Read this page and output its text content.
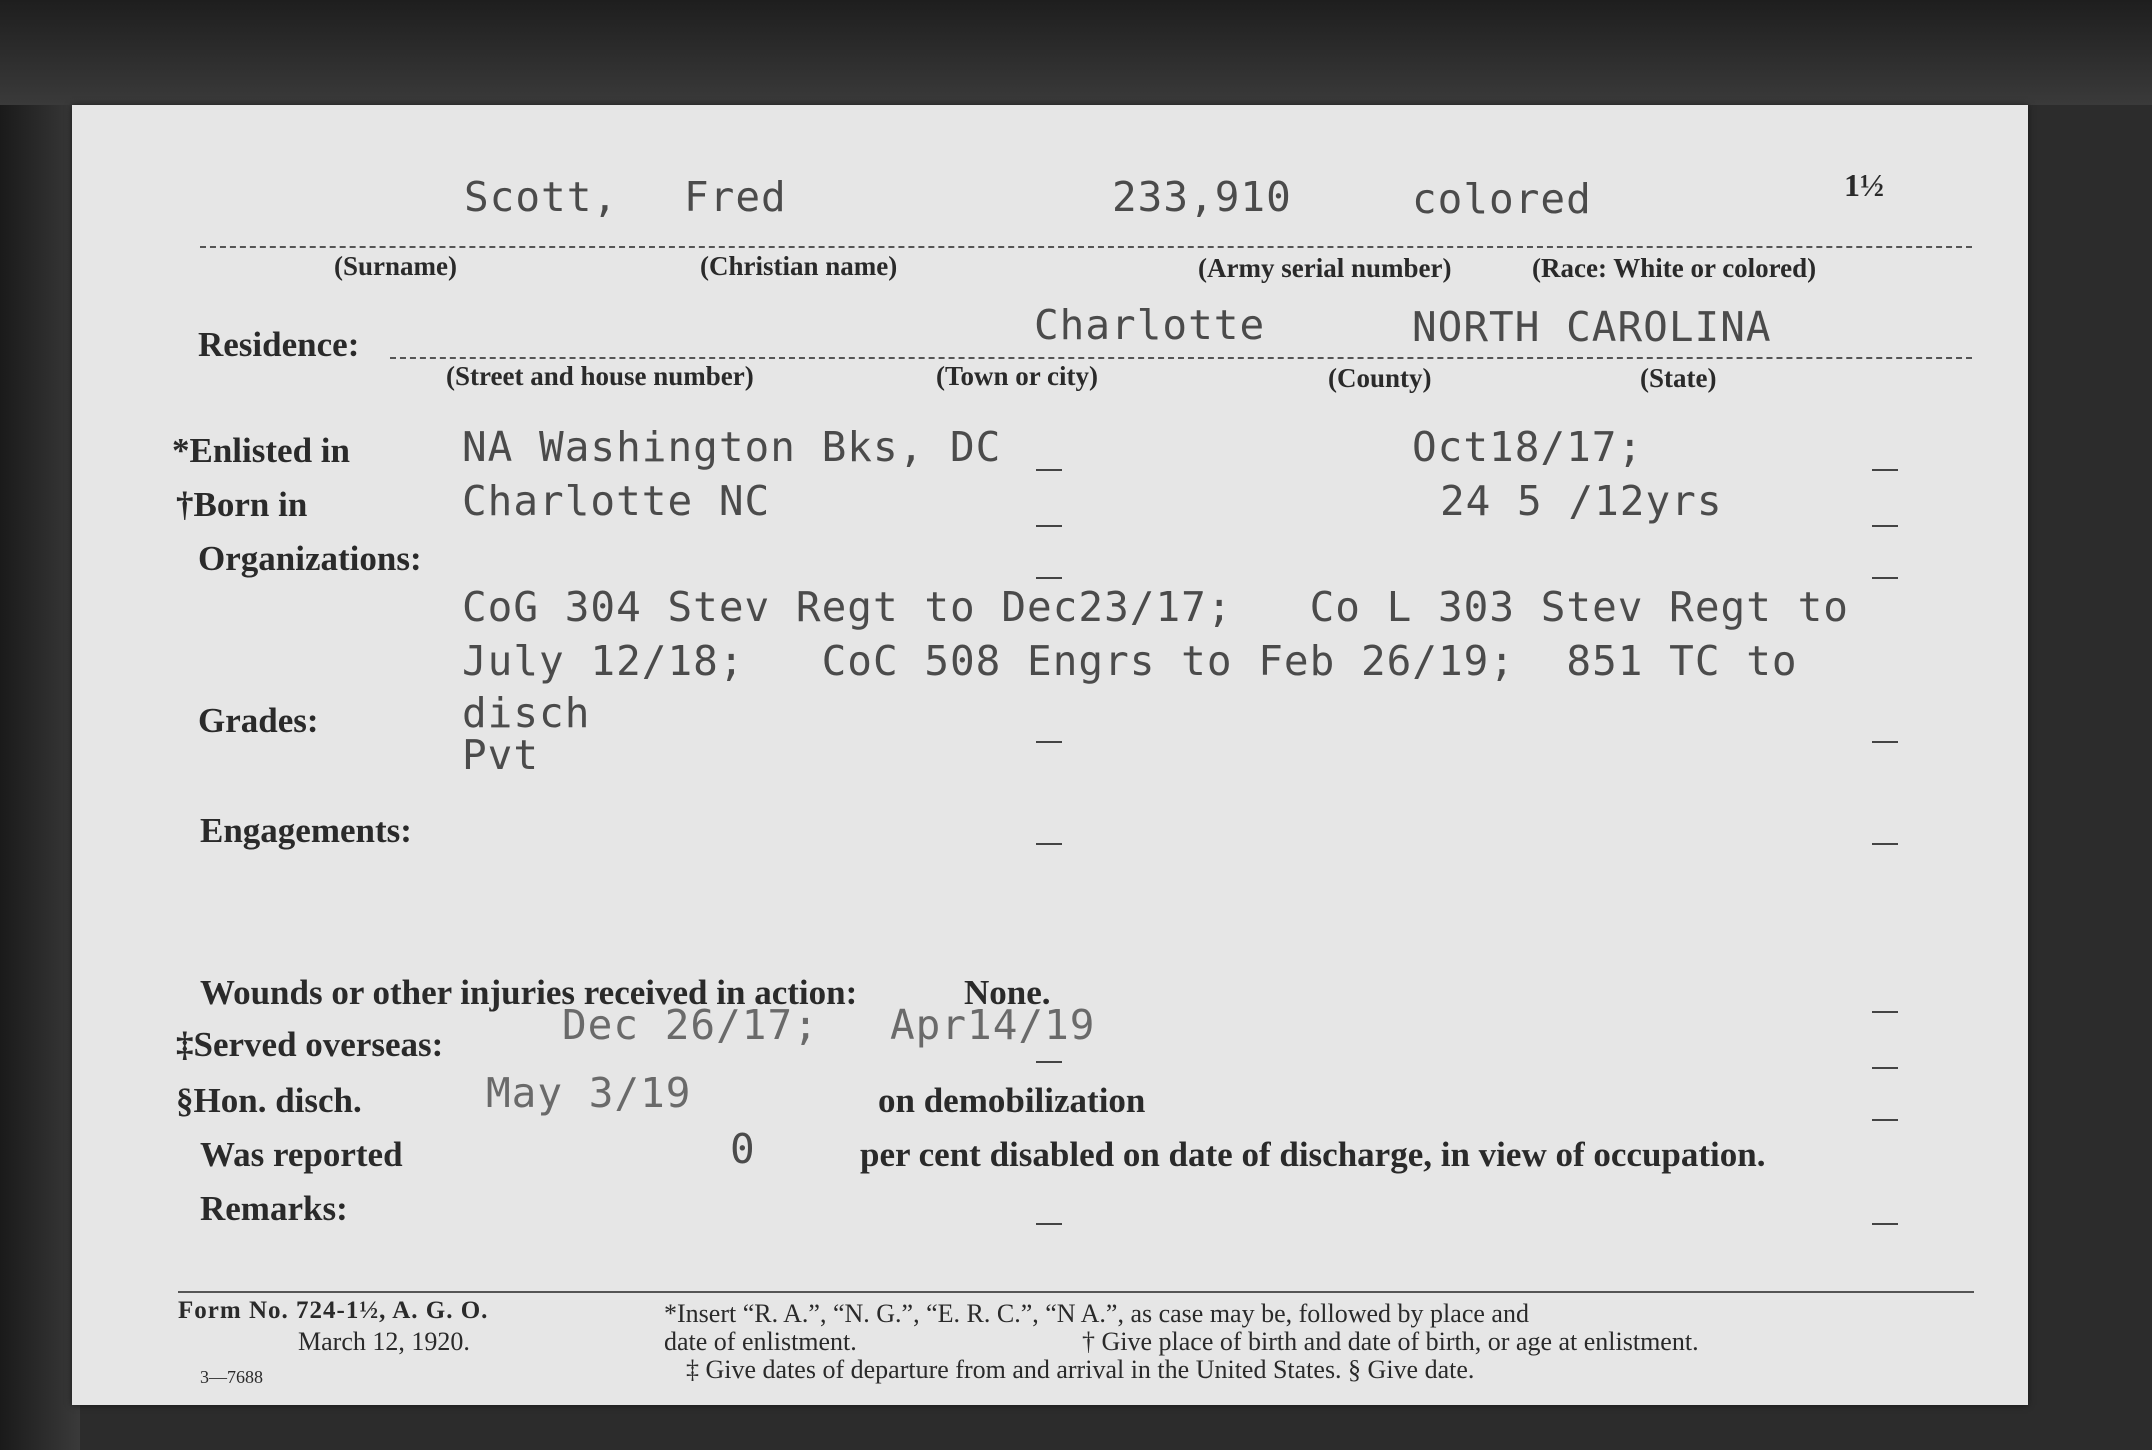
Scott, Fred	233,910	colored	1½
(Surname)	(Christian name)	(Army serial number)	(Race: White or colored)
Residence:	Charlotte	NORTH CAROLINA
(Street and house number)	(Town or city)	(County)	(State)
*Enlisted in	NA Washington Bks, DC	Oct18/17;
†Born in	Charlotte NC	24 5 /12yrs
Organizations:
CoG 304 Stev Regt to Dec23/17;   Co L 303 Stev Regt to
July 12/18;   CoC 508 Engrs to Feb 26/19;  851 TC to
disch
Grades:
Pvt
Engagements:
Wounds or other injuries received in action:	None.
‡Served overseas:	Dec 26/17; Apr14/19
§Hon. disch.	May 3/19	on demobilization
Was reported	0	per cent disabled on date of discharge, in view of occupation.
Remarks:
Form No. 724-1½, A. G. O.
March 12, 1920.
3—7688
*Insert “R. A.”, “N. G.”, “E. R. C.”, “N A.”, as case may be, followed by place and
date of enlistment.	† Give place of birth and date of birth, or age at enlistment.
‡ Give dates of departure from and arrival in the United States. § Give date.
